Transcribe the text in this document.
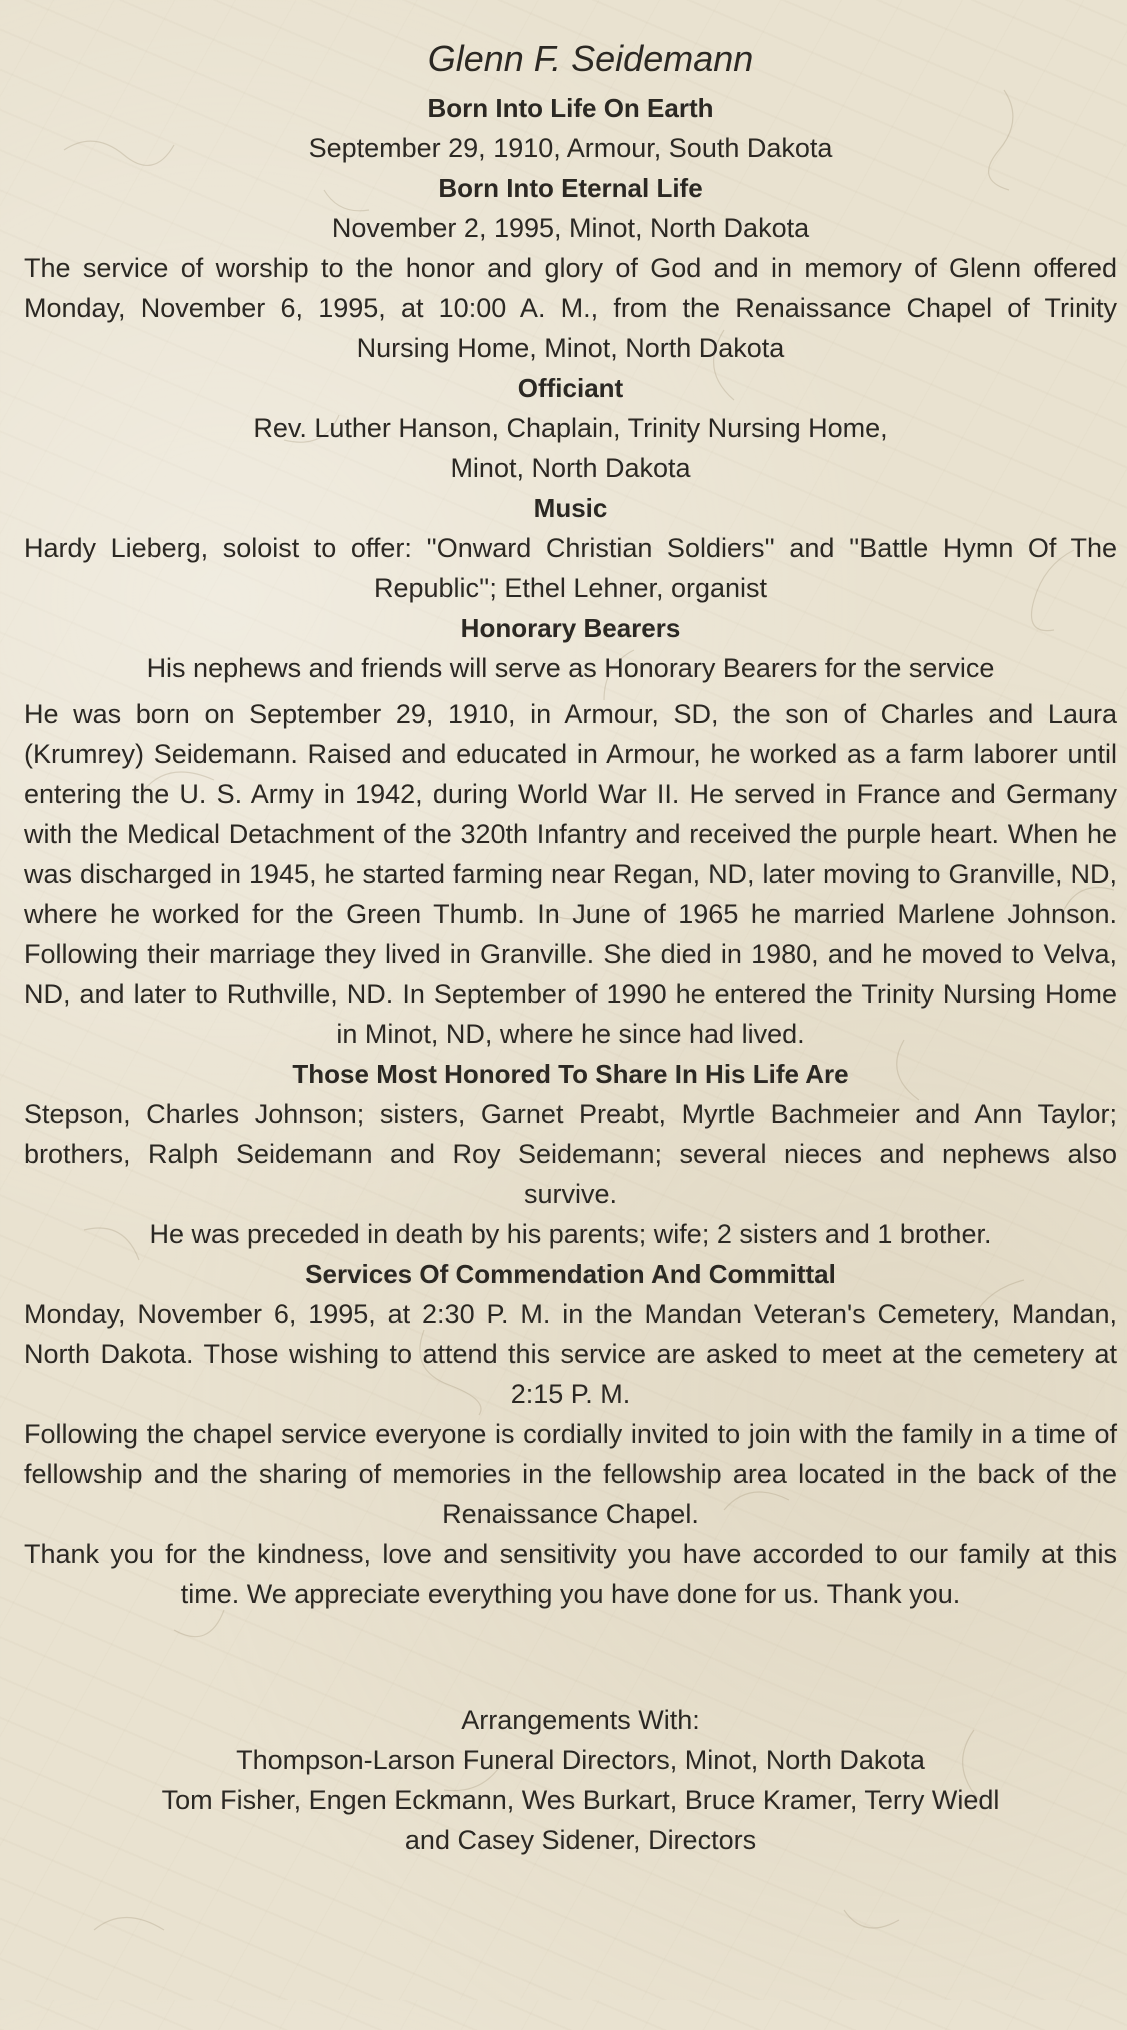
Glenn F. Seidemann
Born Into Life On Earth
September 29, 1910, Armour, South Dakota
Born Into Eternal Life
November 2, 1995, Minot, North Dakota
The service of worship to the honor and glory of God and in memory of Glenn offered Monday, November 6, 1995, at 10:00 A. M., from the Renaissance Chapel of Trinity Nursing Home, Minot, North Dakota
Officiant
Rev. Luther Hanson, Chaplain, Trinity Nursing Home,
Minot, North Dakota
Music
Hardy Lieberg, soloist to offer: ''Onward Christian Soldiers'' and ''Battle Hymn Of The Republic''; Ethel Lehner, organist
Honorary Bearers
His nephews and friends will serve as Honorary Bearers for the service
He was born on September 29, 1910, in Armour, SD, the son of Charles and Laura (Krumrey) Seidemann. Raised and educated in Armour, he worked as a farm laborer until entering the U. S. Army in 1942, during World War II. He served in France and Germany with the Medical Detachment of the 320th Infantry and received the purple heart. When he was discharged in 1945, he started farming near Regan, ND, later moving to Granville, ND, where he worked for the Green Thumb. In June of 1965 he married Marlene Johnson. Following their marriage they lived in Granville. She died in 1980, and he moved to Velva, ND, and later to Ruthville, ND. In September of 1990 he entered the Trinity Nursing Home in Minot, ND, where he since had lived.
Those Most Honored To Share In His Life Are
Stepson, Charles Johnson; sisters, Garnet Preabt, Myrtle Bachmeier and Ann Taylor; brothers, Ralph Seidemann and Roy Seidemann; several nieces and nephews also survive.
He was preceded in death by his parents; wife; 2 sisters and 1 brother.
Services Of Commendation And Committal
Monday, November 6, 1995, at 2:30 P. M. in the Mandan Veteran's Cemetery, Mandan, North Dakota. Those wishing to attend this service are asked to meet at the cemetery at 2:15 P. M.
Following the chapel service everyone is cordially invited to join with the family in a time of fellowship and the sharing of memories in the fellowship area located in the back of the Renaissance Chapel.
Thank you for the kindness, love and sensitivity you have accorded to our family at this time. We appreciate everything you have done for us. Thank you.
Arrangements With:
Thompson-Larson Funeral Directors, Minot, North Dakota
Tom Fisher, Engen Eckmann, Wes Burkart, Bruce Kramer, Terry Wiedl
and Casey Sidener, Directors
